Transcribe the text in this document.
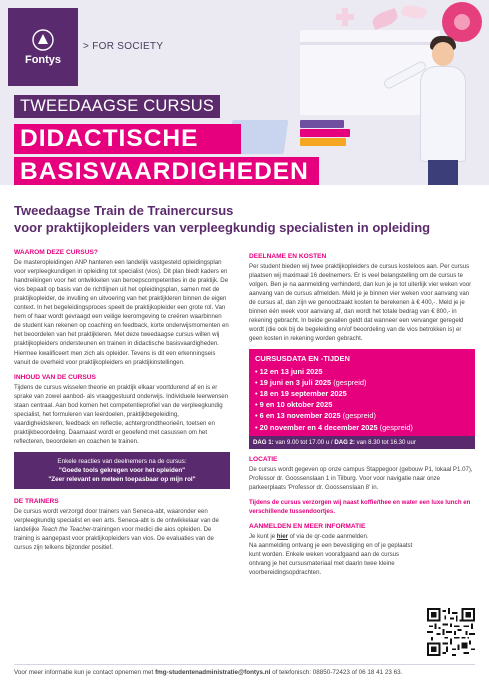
Fontys
> FOR SOCIETY
TWEEDAAGSE CURSUS
DIDACTISCHE
BASISVAARDIGHEDEN
Tweedaagse Train de Trainercursus
voor praktijkopleiders van verpleegkundig specialisten in opleiding
WAAROM DEZE CURSUS?
De masteropleidingen ANP hanteren een landelijk vastgesteld opleidingsplan voor verpleegkundigen in opleiding tot specialist (vios). Dit plan biedt kaders en handreikingen voor het ontwikkelen van beroepscompetenties in de praktijk. De vios bepaalt op basis van de richtlijnen uit het opleidingsplan, samen met de praktijkopleider, de invulling en uitvoering van het praktijkleren binnen de eigen context. In het begeleidingsproces speelt de praktijkopleider een grote rol. Van hem of haar wordt gevraagd een veilige leeromgeving te creëren waarbinnen de student kan rekenen op coaching en feedback, korte onderwijsmomenten en het beoordelen van het praktijkleren. Met deze tweedaagse cursus willen wij praktijkopleiders ondersteunen en trainen in didactische basisvaardigheden. Hiermee kwalificeert men zich als opleider. Tevens is dit een erkenningseis vanuit de overheid voor praktijkopleiders en praktijkinstellingen.
INHOUD VAN DE CURSUS
Tijdens de cursus wisselen theorie en praktijk elkaar voortdurend af en is er sprake van zowel aanbod- als vraaggestuurd onderwijs. Individuele leerwensen staan centraal. Aan bod komen het competentieprofiel van de verpleegkundig specialist, het formuleren van leerdoelen, praktijkbegeleiding, vaardigheidsleren, feedback en reflectie, achtergrondtheorieën, toetsen en praktijkbeoordeling. Daarnaast wordt er geoefend met casussen om het reflecteren, beoordelen en coachen te trainen.
Enkele reacties van deelnemers na de cursus:
"Goede tools gekregen voor het opleiden"
"Zeer relevant en meteen toepasbaar op mijn rol"
DE TRAINERS
De cursus wordt verzorgd door trainers van Seneca-abt, waaronder een verpleegkundig specialist en een arts. Seneca-abt is de ontwikkelaar van de landelijke Teach the Teacher-trainingen voor medici die aios opleiden. De training is aangepast voor praktijkopleiders van vios. De evaluaties van de cursus zijn telkens bijzonder positief.
DEELNAME EN KOSTEN
Per student bieden wij twee praktijkopleiders de cursus kosteloos aan. Per cursus plaatsen wij maximaal 16 deelnemers. Er is veel belangstelling om de cursus te volgen. Ben je na aanmelding verhinderd, dan kun je je tot uiterlijk vier weken voor aanvang van de cursus afmelden. Meld je je binnen vier weken voor aanvang van de cursus af, dan zijn we genoodzaakt kosten te berekenen à € 400,-. Meld je je binnen één week voor aanvang af, dan wordt het totale bedrag van € 800,- in rekening gebracht. In beide gevallen geldt dat wanneer een vervanger geregeld wordt (die ook bij de begeleiding en/of beoordeling van de vios betrokken is) er geen kosten in rekening worden gebracht.
CURSUSDATA EN -TIJDEN
• 12 en 13 juni 2025
• 19 juni en 3 juli 2025 (gespreid)
• 18 en 19 september 2025
• 9 en 10 oktober 2025
• 6 en 13 november 2025 (gespreid)
• 20 november en 4 december 2025 (gespreid)
DAG 1: van 9.00 tot 17.00 u / DAG 2: van 8.30 tot 16.30 uur
LOCATIE
De cursus wordt gegeven op onze campus Stappegoor (gebouw P1, lokaal P1.07), Professor dr. Goossenslaan 1 in Tilburg. Voor voor navigatie naar onze parkeerplaats 'Professor dr. Goossenslaan 8' in.
Tijdens de cursus verzorgen wij naast koffie/thee en water een luxe lunch en verschillende tussendoortjes.
AANMELDEN EN MEER INFORMATIE
Je kunt je hier of via de qr-code aanmelden.
Na aanmelding ontvang je een bevestiging en of je geplaatst kunt worden. Enkele weken voorafgaand aan de cursus ontvang je het cursusmateriaal met daarin twee kleine voorbereidingsopdrachten.
Voor meer informatie kun je contact opnemen met fmg-studentenadministratie@fontys.nl of telefonisch: 08850-72423 of 06 18 41 23 63.
